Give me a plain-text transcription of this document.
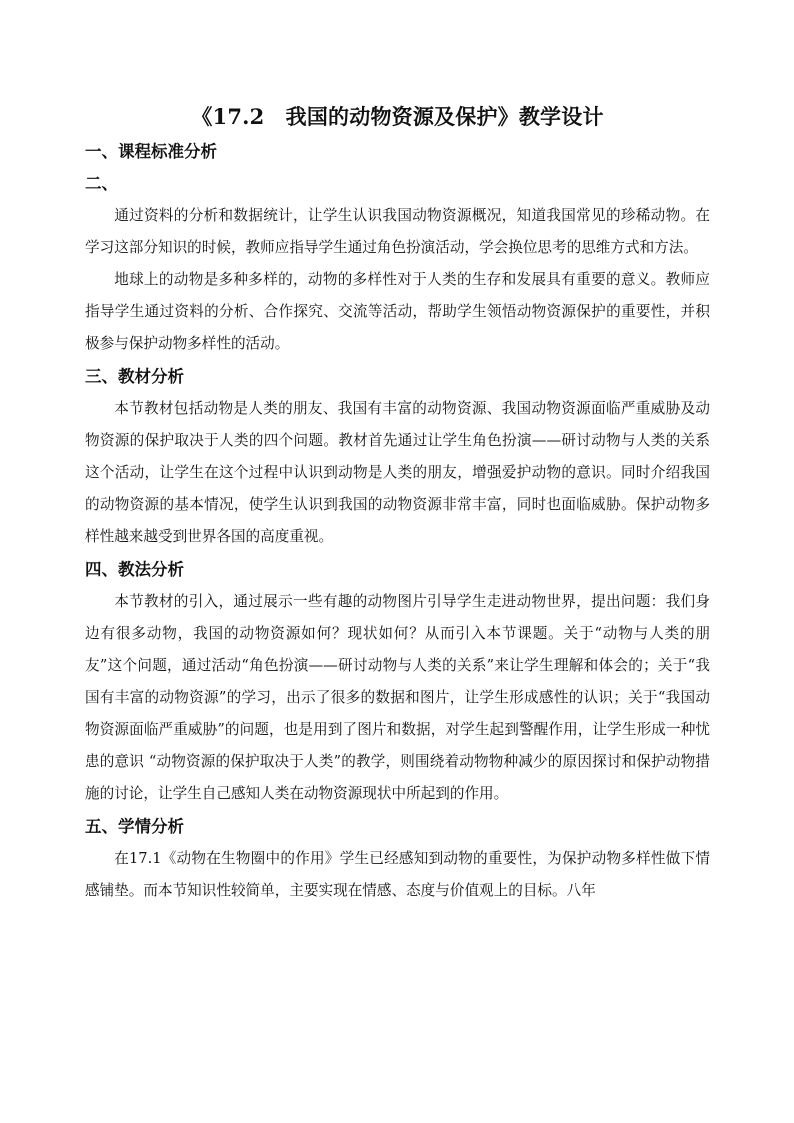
《17.2　我国的动物资源及保护》教学设计
一、课程标准分析
二、

通过资料的分析和数据统计，让学生认识我国动物资源概况，知道我国常见的珍稀动物。在学习这部分知识的时候，教师应指导学生通过角色扮演活动，学会换位思考的思维方式和方法。

地球上的动物是多种多样的，动物的多样性对于人类的生存和发展具有重要的意义。教师应指导学生通过资料的分析、合作探究、交流等活动，帮助学生领悟动物资源保护的重要性，并积极参与保护动物多样性的活动。

三、教材分析

本节教材包括动物是人类的朋友、我国有丰富的动物资源、我国动物资源面临严重威胁及动物资源的保护取决于人类的四个问题。教材首先通过让学生角色扮演——研讨动物与人类的关系这个活动，让学生在这个过程中认识到动物是人类的朋友，增强爱护动物的意识。同时介绍我国的动物资源的基本情况，使学生认识到我国的动物资源非常丰富，同时也面临威胁。保护动物多样性越来越受到世界各国的高度重视。

四、教法分析

本节教材的引入，通过展示一些有趣的动物图片引导学生走进动物世界，提出问题：我们身边有很多动物，我国的动物资源如何？现状如何？从而引入本节课题。关于“动物与人类的朋友”这个问题，通过活动“角色扮演——研讨动物与人类的关系”来让学生理解和体会的；关于“我国有丰富的动物资源”的学习，出示了很多的数据和图片，让学生形成感性的认识；关于“我国动物资源面临严重威胁”的问题，也是用到了图片和数据，对学生起到警醒作用，让学生形成一种忧患的意识 “动物资源的保护取决于人类”的教学，则围绕着动物物种减少的原因探讨和保护动物措施的讨论，让学生自己感知人类在动物资源现状中所起到的作用。

五、学情分析

在17.1《动物在生物圈中的作用》学生已经感知到动物的重要性，为保护动物多样性做下情感铺垫。而本节知识性较简单，主要实现在情感、态度与价值观上的目标。八年
